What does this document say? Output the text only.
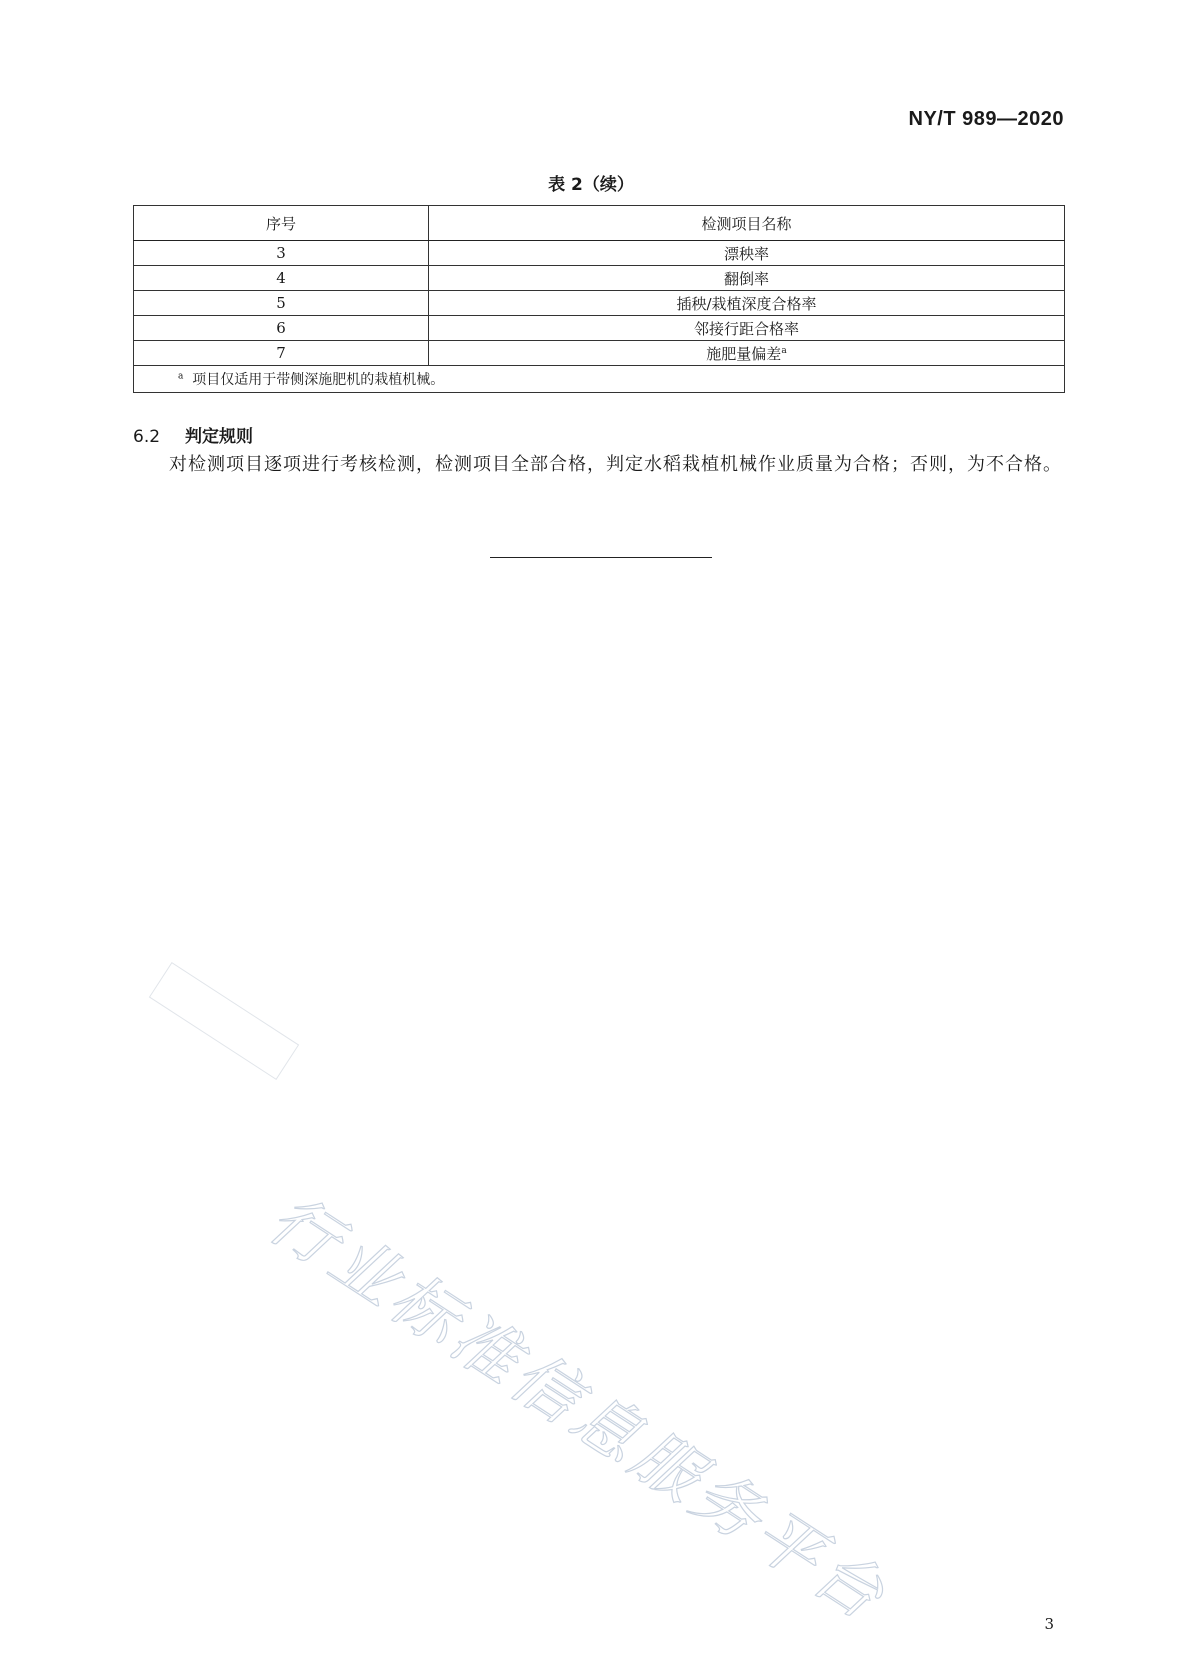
NY/T 989—2020
表 2（续）
序号	检测项目名称
3	漂秧率
4	翻倒率
5	插秧/栽植深度合格率
6	邻接行距合格率
7	施肥量偏差$^a$
$^a$ 项目仅适用于带侧深施肥机的栽植机械。	
6.2 判定规则
对检测项目逐项进行考核检测，检测项目全部合格，判定水稻栽植机械作业质量为合格；否则，为不合格。
行业标准信息服务平台	3
